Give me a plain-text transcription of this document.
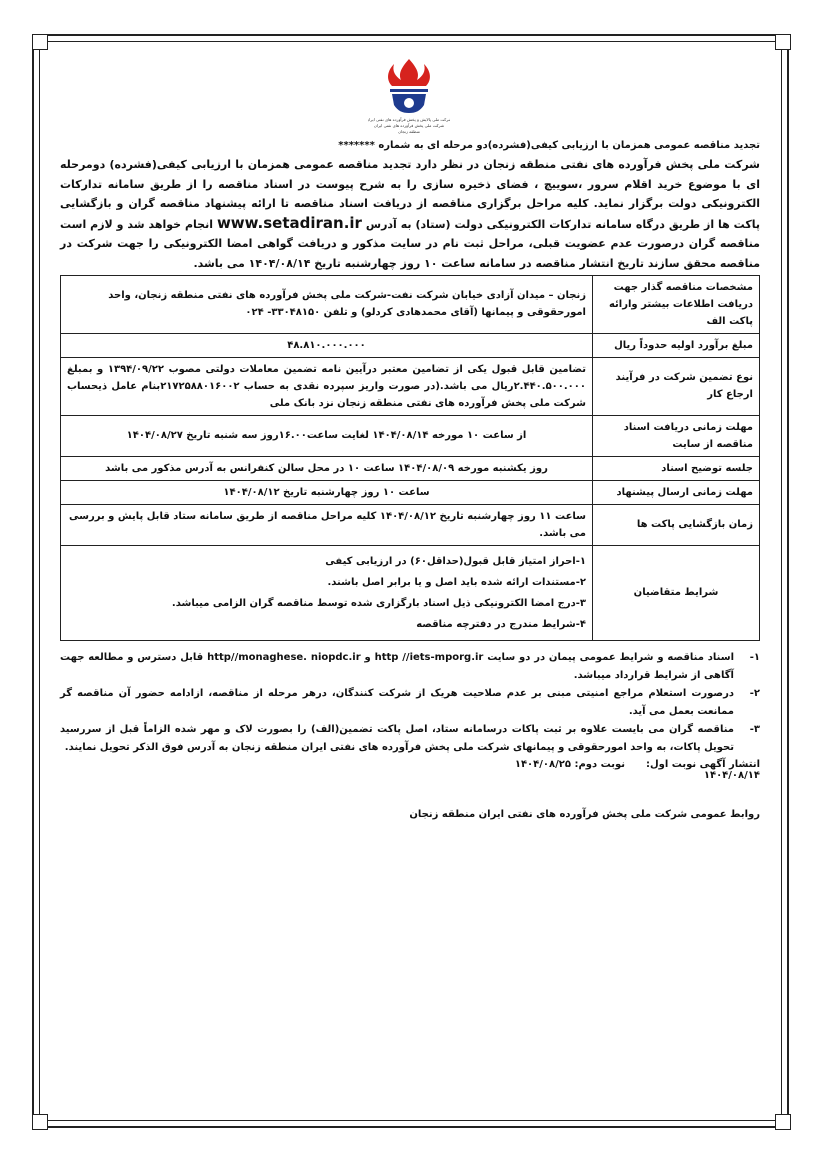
شرکت ملی پالایش و پخش فرآورده های نفتی ایران
شرکت ملی پخش فرآورده های نفتی ایران
منطقه زنجان

تجدید مناقصه عمومی همزمان با ارزیابی کیفی(فشرده)دو مرحله ای به شماره *******

شرکت ملی پخش فرآورده های نفتی منطقه زنجان در نظر دارد تجدید مناقصه عمومی همزمان با ارزیابی کیفی(فشرده) دومرحله ای با موضوع خرید اقلام سرور ،سوییچ ، فضای ذخیره سازی را به شرح پیوست در اسناد مناقصه را از طریق سامانه تدارکات الکترونیکی دولت برگزار نماید. کلیه مراحل برگزاری مناقصه از دریافت اسناد مناقصه تا ارائه پیشنهاد مناقصه گران و بازگشایی پاکت ها از طریق درگاه سامانه تدارکات الکترونیکی دولت (ستاد) به آدرس www.setadiran.ir انجام خواهد شد و لازم است مناقصه گران درصورت عدم عضویت قبلی، مراحل ثبت نام در سایت مذکور و دریافت گواهی امضا الکترونیکی را جهت شرکت در مناقصه محقق سازند تاریخ انتشار مناقصه در سامانه ساعت ۱۰ روز چهارشنبه تاریخ ۱۴۰۴/۰۸/۱۴ می باشد.

مشخصات مناقصه گذار جهت دریافت اطلاعات بیشتر وارائه پاکت الف	زنجان – میدان آزادی خیابان شرکت نفت-شرکت ملی پخش فرآورده های نفتی منطقه زنجان، واحد امورحقوقی و پیمانها (آقای محمدهادی کردلو) و تلفن ۳۳۰۴۸۱۵۰- ۰۲۴
مبلغ برآورد اولیه حدوداً ریال	۴۸.۸۱۰.۰۰۰.۰۰۰
نوع تضمین شرکت در فرآیند ارجاع کار	تضامین قابل قبول یکی از تضامین معتبر درآیین نامه تضمین معاملات دولتی مصوب ۱۳۹۴/۰۹/۲۲ و بمبلغ ۲.۴۴۰.۵۰۰.۰۰۰ریال می باشد.(در صورت واریز سپرده نقدی به حساب ۲۱۷۲۵۸۸۰۱۶۰۰۲بنام عامل ذیحساب شرکت ملی پخش فرآورده های نفتی منطقه زنجان نزد بانک ملی
مهلت زمانی دریافت اسناد مناقصه از سایت	از ساعت ۱۰ مورخه ۱۴۰۴/۰۸/۱۴ لغایت ساعت۱۶.۰۰روز سه شنبه تاریخ ۱۴۰۴/۰۸/۲۷
جلسه توضیح اسناد	روز یکشنبه مورخه ۱۴۰۴/۰۸/۰۹ ساعت ۱۰ در محل سالن کنفرانس به آدرس مذکور می باشد
مهلت زمانی ارسال پیشنهاد	ساعت ۱۰ روز چهارشنبه تاریخ ۱۴۰۴/۰۸/۱۲
زمان بازگشایی پاکت ها	ساعت ۱۱ روز چهارشنبه تاریخ ۱۴۰۴/۰۸/۱۲ کلیه مراحل مناقصه از طریق سامانه ستاد قابل پایش و بررسی می باشد.
شرایط متقاضیان	۱-احراز امتیاز قابل قبول(حداقل۶۰) در ارزیابی کیفی
۲-مستندات ارائه شده باید اصل و یا برابر اصل باشند.
۳-درج امضا الکترونیکی ذیل اسناد بارگزاری شده توسط مناقصه گران الزامی میباشد.
۴-شرایط مندرج در دفترچه مناقصه
۱-
اسناد مناقصه و شرایط عمومی پیمان در دو سایت http //iets-mporg.ir و http//monaghese. niopdc.ir قابل دسترس و مطالعه جهت آگاهی از شرایط قرارداد میباشد.
۲-
درصورت استعلام مراجع امنیتی مبنی بر عدم صلاحیت هریک از شرکت کنندگان، درهر مرحله از مناقصه، ازادامه حضور آن مناقصه گر ممانعت بعمل می آید.
۳-
مناقصه گران می بایست علاوه بر ثبت پاکات درسامانه ستاد، اصل پاکت تضمین(الف) را بصورت لاک و مهر شده الزاماً قبل از سررسید تحویل پاکات، به واحد امورحقوقی و پیمانهای شرکت ملی پخش فرآورده های نفتی ایران منطقه زنجان به آدرس فوق الذکر تحویل نمایند.
انتشار آگهی نوبت اول: ۱۴۰۴/۰۸/۱۴
نوبت دوم: ۱۴۰۴/۰۸/۲۵
روابط عمومی شرکت ملی پخش فرآورده های نفتی ایران منطقه زنجان
